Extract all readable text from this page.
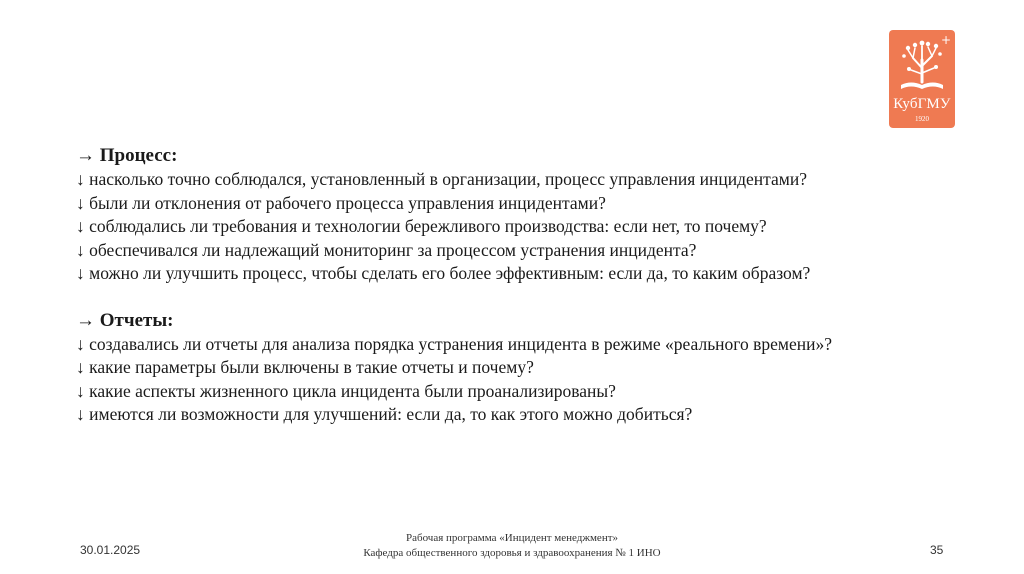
+
КубГМУ
1920
→ Процесс:
↓ насколько точно соблюдался, установленный в организации, процесс управления инцидентами?
↓ были ли отклонения от рабочего процесса управления инцидентами?
↓ соблюдались ли требования и технологии бережливого производства: если нет, то почему?
↓ обеспечивался ли надлежащий мониторинг за процессом устранения инцидента?
↓ можно ли улучшить процесс, чтобы сделать его более эффективным: если да, то каким образом?
→ Отчеты:
↓ создавались ли отчеты для анализа порядка устранения инцидента в режиме «реального времени»?
↓ какие параметры были включены в такие отчеты и почему?
↓ какие аспекты жизненного цикла инцидента были проанализированы?
↓ имеются ли возможности для улучшений: если да, то как этого можно добиться?
30.01.2025
Рабочая программа «Инцидент менеджмент»
Кафедра общественного здоровья и здравоохранения № 1 ИНО	35
